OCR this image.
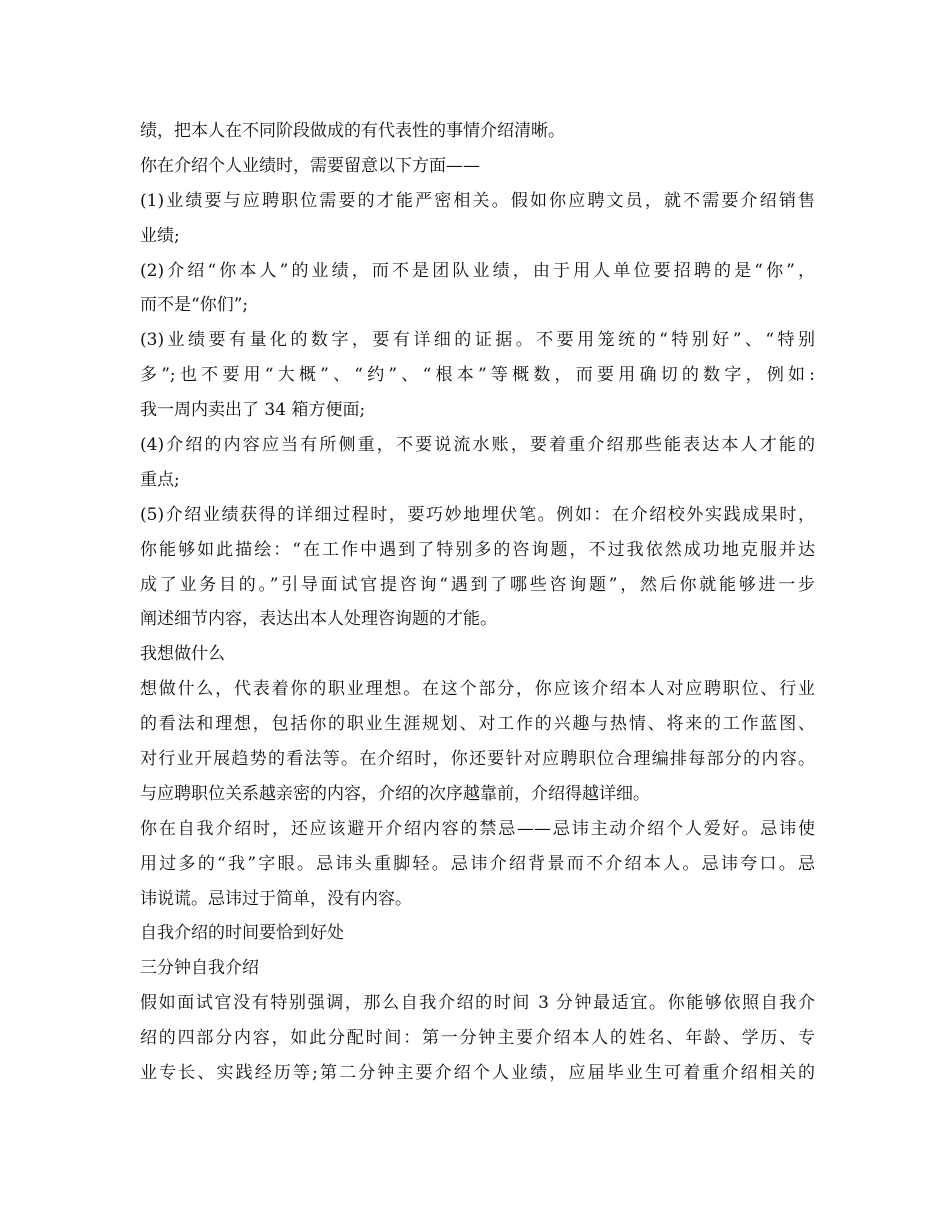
绩，把本人在不同阶段做成的有代表性的事情介绍清晰。
你在介绍个人业绩时，需要留意以下方面——
(1)业绩要与应聘职位需要的才能严密相关。假如你应聘文员，就不需要介绍销售
业绩;
(2)介绍“你本人”的业绩，而不是团队业绩，由于用人单位要招聘的是“你”，
而不是“你们”;
(3)业绩要有量化的数字，要有详细的证据。不要用笼统的“特别好”、“特别
多”;也不要用“大概”、“约”、“根本”等概数，而要用确切的数字，例如:
我一周内卖出了 34 箱方便面;
(4)介绍的内容应当有所侧重，不要说流水账，要着重介绍那些能表达本人才能的
重点;
(5)介绍业绩获得的详细过程时，要巧妙地埋伏笔。例如：在介绍校外实践成果时，
你能够如此描绘：“在工作中遇到了特别多的咨询题，不过我依然成功地克服并达
成了业务目的。”引导面试官提咨询“遇到了哪些咨询题”，然后你就能够进一步
阐述细节内容，表达出本人处理咨询题的才能。
我想做什么
想做什么，代表着你的职业理想。在这个部分，你应该介绍本人对应聘职位、行业
的看法和理想，包括你的职业生涯规划、对工作的兴趣与热情、将来的工作蓝图、
对行业开展趋势的看法等。在介绍时，你还要针对应聘职位合理编排每部分的内容。
与应聘职位关系越亲密的内容，介绍的次序越靠前，介绍得越详细。
你在自我介绍时，还应该避开介绍内容的禁忌——忌讳主动介绍个人爱好。忌讳使
用过多的“我”字眼。忌讳头重脚轻。忌讳介绍背景而不介绍本人。忌讳夸口。忌
讳说谎。忌讳过于简单，没有内容。
自我介绍的时间要恰到好处
三分钟自我介绍
假如面试官没有特别强调，那么自我介绍的时间 3 分钟最适宜。你能够依照自我介
绍的四部分内容，如此分配时间：第一分钟主要介绍本人的姓名、年龄、学历、专
业专长、实践经历等;第二分钟主要介绍个人业绩，应届毕业生可着重介绍相关的
